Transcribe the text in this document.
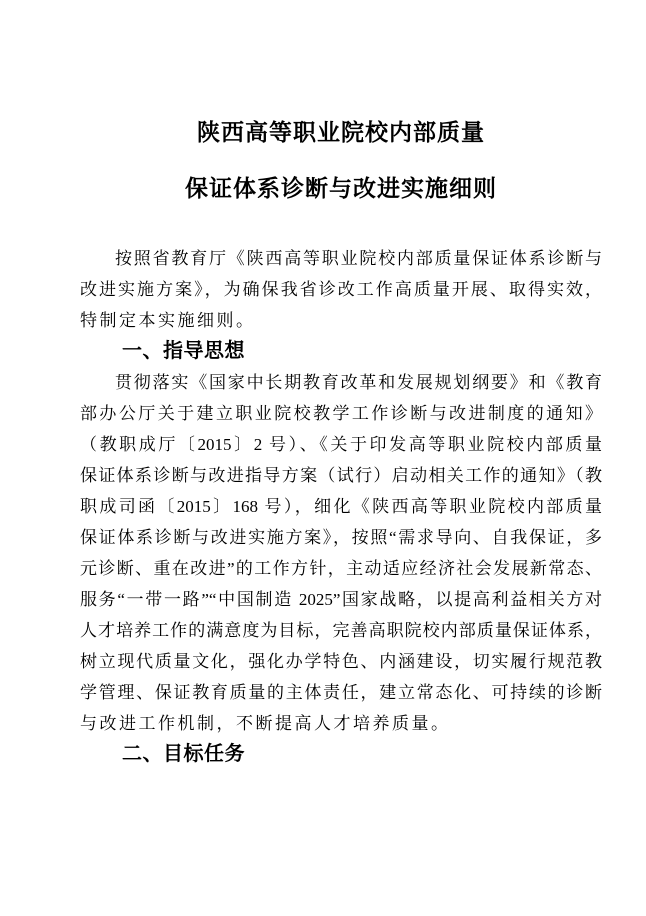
陕西高等职业院校内部质量
保证体系诊断与改进实施细则
按照省教育厅《陕西高等职业院校内部质量保证体系诊断与
改进实施方案》，为确保我省诊改工作高质量开展、取得实效，
特制定本实施细则。
一、指导思想
贯彻落实《国家中长期教育改革和发展规划纲要》和《教育
部办公厅关于建立职业院校教学工作诊断与改进制度的通知》
（教职成厅〔2015〕2 号）、《关于印发高等职业院校内部质量
保证体系诊断与改进指导方案（试行）启动相关工作的通知》（教
职成司函〔2015〕168 号），细化《陕西高等职业院校内部质量
保证体系诊断与改进实施方案》，按照“需求导向、自我保证，多
元诊断、重在改进”的工作方针，主动适应经济社会发展新常态、
服务“一带一路”“中国制造 2025”国家战略，以提高利益相关方对
人才培养工作的满意度为目标，完善高职院校内部质量保证体系，
树立现代质量文化，强化办学特色、内涵建设，切实履行规范教
学管理、保证教育质量的主体责任，建立常态化、可持续的诊断
与改进工作机制，不断提高人才培养质量。
二、目标任务
